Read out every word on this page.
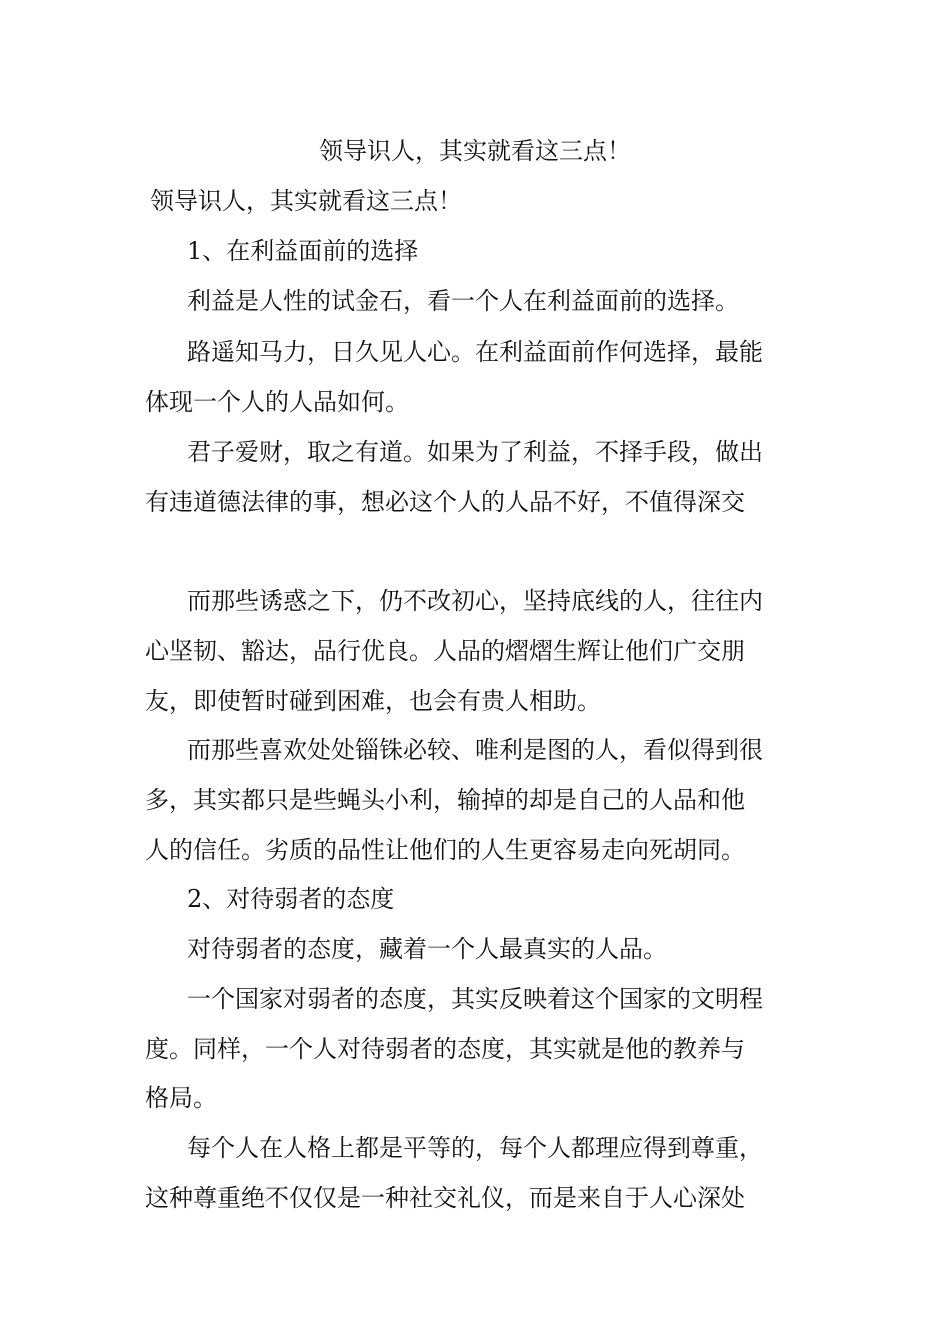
领导识人，其实就看这三点！
领导识人，其实就看这三点！
1、在利益面前的选择
利益是人性的试金石，看一个人在利益面前的选择。
路遥知马力，日久见人心。在利益面前作何选择，最能
体现一个人的人品如何。
君子爱财，取之有道。如果为了利益，不择手段，做出
有违道德法律的事，想必这个人的人品不好，不值得深交
而那些诱惑之下，仍不改初心，坚持底线的人，往往内
心坚韧、豁达，品行优良。人品的熠熠生辉让他们广交朋
友，即使暂时碰到困难，也会有贵人相助。
而那些喜欢处处锱铢必较、唯利是图的人，看似得到很
多，其实都只是些蝇头小利，输掉的却是自己的人品和他
人的信任。劣质的品性让他们的人生更容易走向死胡同。
2、对待弱者的态度
对待弱者的态度，藏着一个人最真实的人品。
一个国家对弱者的态度，其实反映着这个国家的文明程
度。同样，一个人对待弱者的态度，其实就是他的教养与
格局。
每个人在人格上都是平等的，每个人都理应得到尊重，
这种尊重绝不仅仅是一种社交礼仪，而是来自于人心深处
